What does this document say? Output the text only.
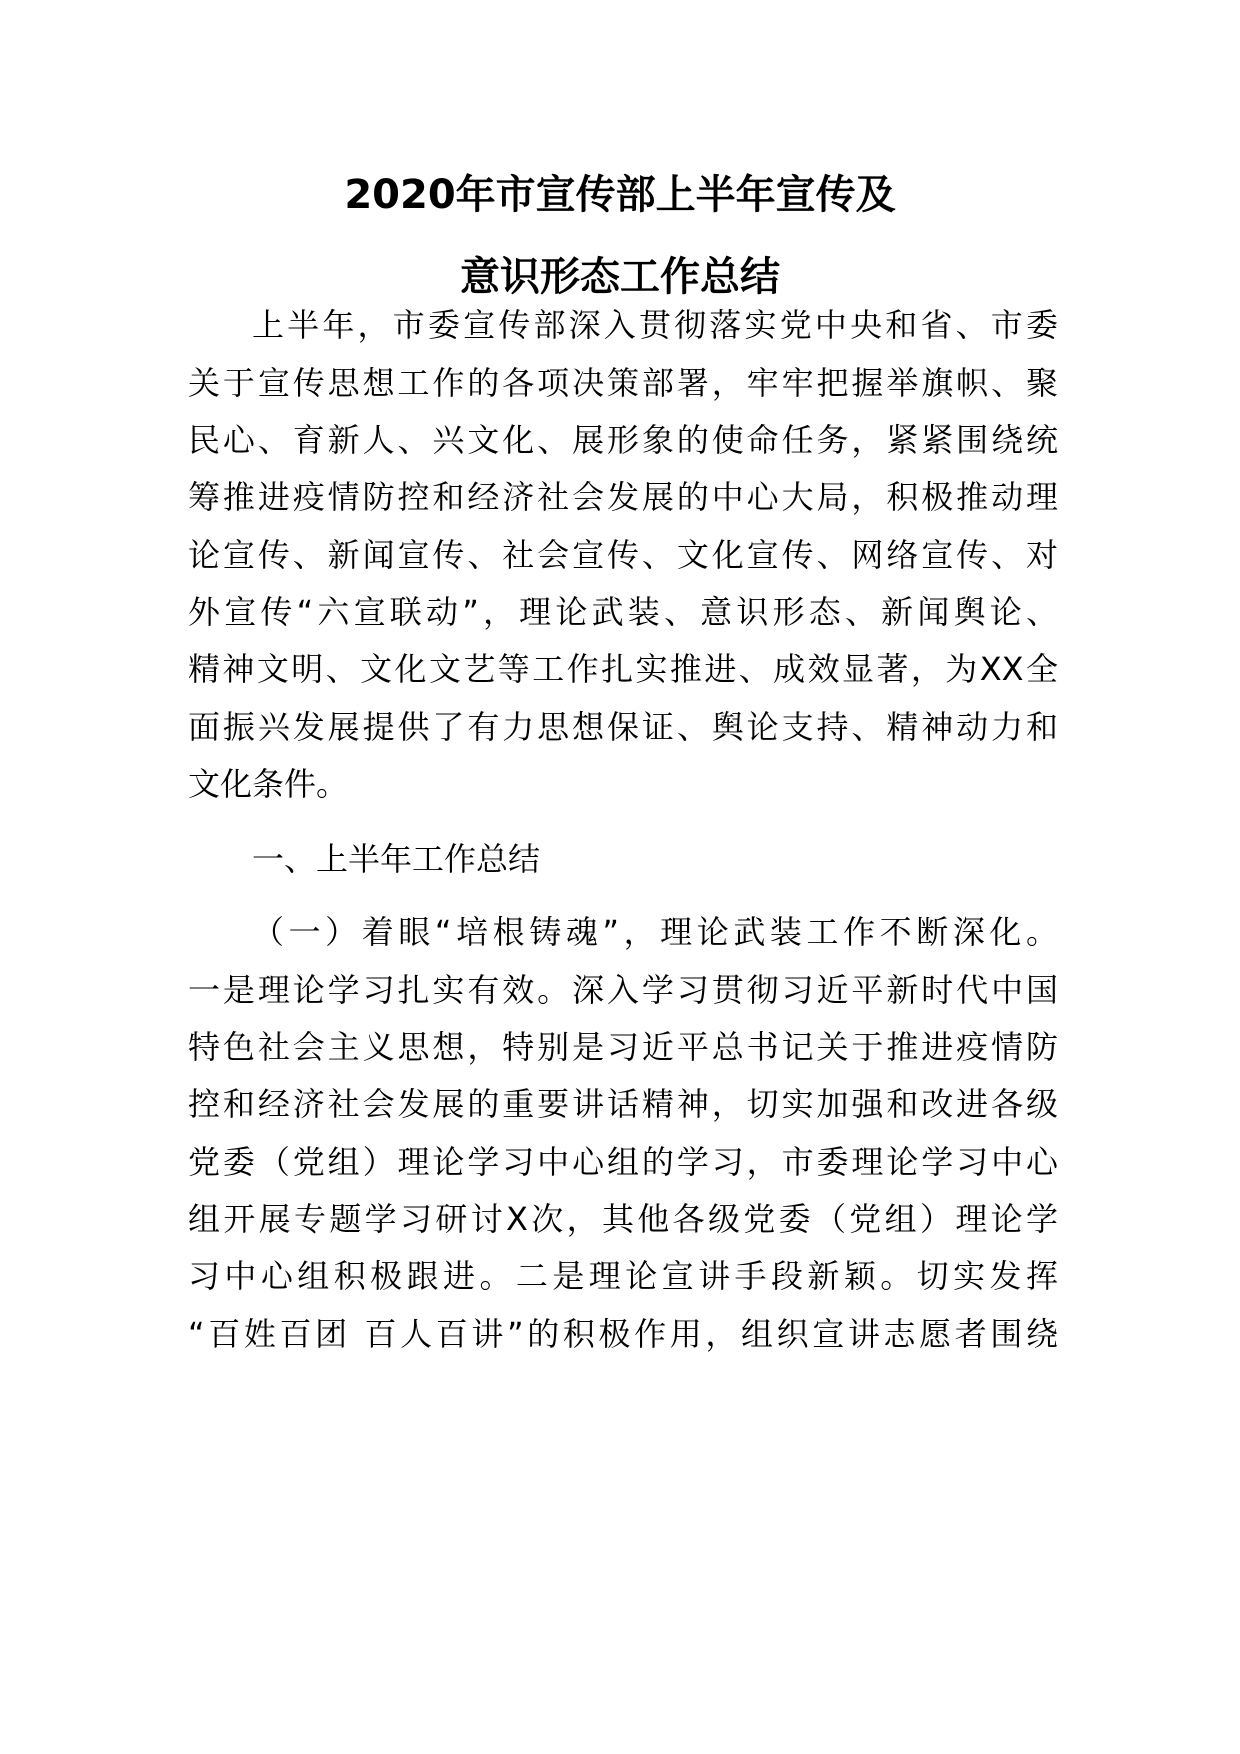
2020年市宣传部上半年宣传及
意识形态工作总结
上半年，市委宣传部深入贯彻落实党中央和省、市委
关于宣传思想工作的各项决策部署，牢牢把握举旗帜、聚
民心、育新人、兴文化、展形象的使命任务，紧紧围绕统
筹推进疫情防控和经济社会发展的中心大局，积极推动理
论宣传、新闻宣传、社会宣传、文化宣传、网络宣传、对
外宣传“六宣联动”，理论武装、意识形态、新闻舆论、
精神文明、文化文艺等工作扎实推进、成效显著，为XX全
面振兴发展提供了有力思想保证、舆论支持、精神动力和
文化条件。
一、上半年工作总结
（一）着眼“培根铸魂”，理论武装工作不断深化。
一是理论学习扎实有效。深入学习贯彻习近平新时代中国
特色社会主义思想，特别是习近平总书记关于推进疫情防
控和经济社会发展的重要讲话精神，切实加强和改进各级
党委（党组）理论学习中心组的学习，市委理论学习中心
组开展专题学习研讨X次，其他各级党委（党组）理论学
习中心组积极跟进。二是理论宣讲手段新颖。切实发挥
“百姓百团 百人百讲”的积极作用，组织宣讲志愿者围绕
